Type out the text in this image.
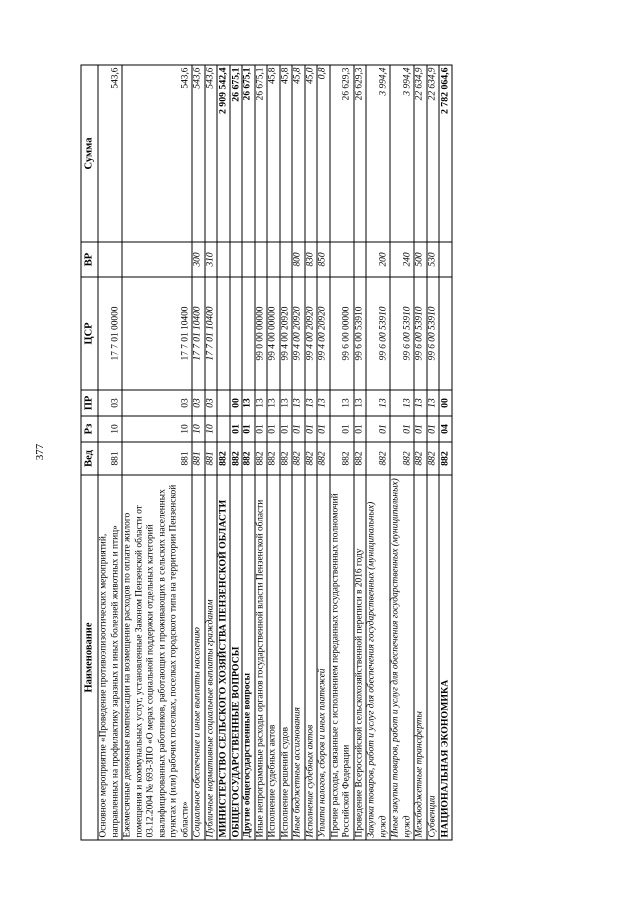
377
Наименование	Вед	Рз	ПР	ЦСР	ВР	Сумма
Основное мероприятие «Проведение противоэпизоотических мероприятий, направленных на профилактику заразных и иных болезней животных и птиц»	881	10	03	17 7 01 00000		543,6
Ежемесячные денежные компенсации на возмещение расходов по оплате жилого помещения и коммунальных услуг, установленные Законом Пензенской области от 03.12.2004 № 693-ЗПО «О мерах социальной поддержки отдельных категорий квалифицированных работников, работающих и проживающих в сельских населенных пунктах и (или) рабочих поселках, поселках городского типа на территории Пензенской области»	881	10	03	17 7 01 10400		543,6
Социальное обеспечение и иные выплаты населению	881	10	03	17 7 01 10400	300	543,6
Публичные нормативные социальные выплаты гражданам	881	10	03	17 7 01 10400	310	543,6
МИНИСТЕРСТВО СЕЛЬСКОГО ХОЗЯЙСТВА ПЕНЗЕНСКОЙ ОБЛАСТИ	882					2 909 542,4
ОБЩЕГОСУДАРСТВЕННЫЕ ВОПРОСЫ	882	01	00			26 675,1
Другие общегосударственные вопросы	882	01	13			26 675,1
Иные непрограммные расходы органов государственной власти Пензенской области	882	01	13	99 0 00 00000		26 675,1
Исполнение судебных актов	882	01	13	99 4 00 00000		45,8
Исполнение решений судов	882	01	13	99 4 00 20920		45,8
Иные бюджетные ассигнования	882	01	13	99 4 00 20920	800	45,8
Исполнение судебных актов	882	01	13	99 4 00 20920	830	45,0
Уплата налогов, сборов и иных платежей	882	01	13	99 4 00 20920	850	0,8
Прочие расходы, связанные с исполнением переданных государственных полномочий Российской Федерации	882	01	13	99 6 00 00000		26 629,3
Проведение Всероссийской сельскохозяйственной переписи в 2016 году	882	01	13	99 6 00 53910		26 629,3
Закупка товаров, работ и услуг для обеспечения государственных (муниципальных) нужд	882	01	13	99 6 00 53910	200	3 994,4
Иные закупки товаров, работ и услуг для обеспечения государственных (муниципальных) нужд	882	01	13	99 6 00 53910	240	3 994,4
Межбюджетные трансферты	882	01	13	99 6 00 53910	500	22 634,9
Субвенции	882	01	13	99 6 00 53910	530	22 634,9
НАЦИОНАЛЬНАЯ ЭКОНОМИКА	882	04	00			2 782 064,6
